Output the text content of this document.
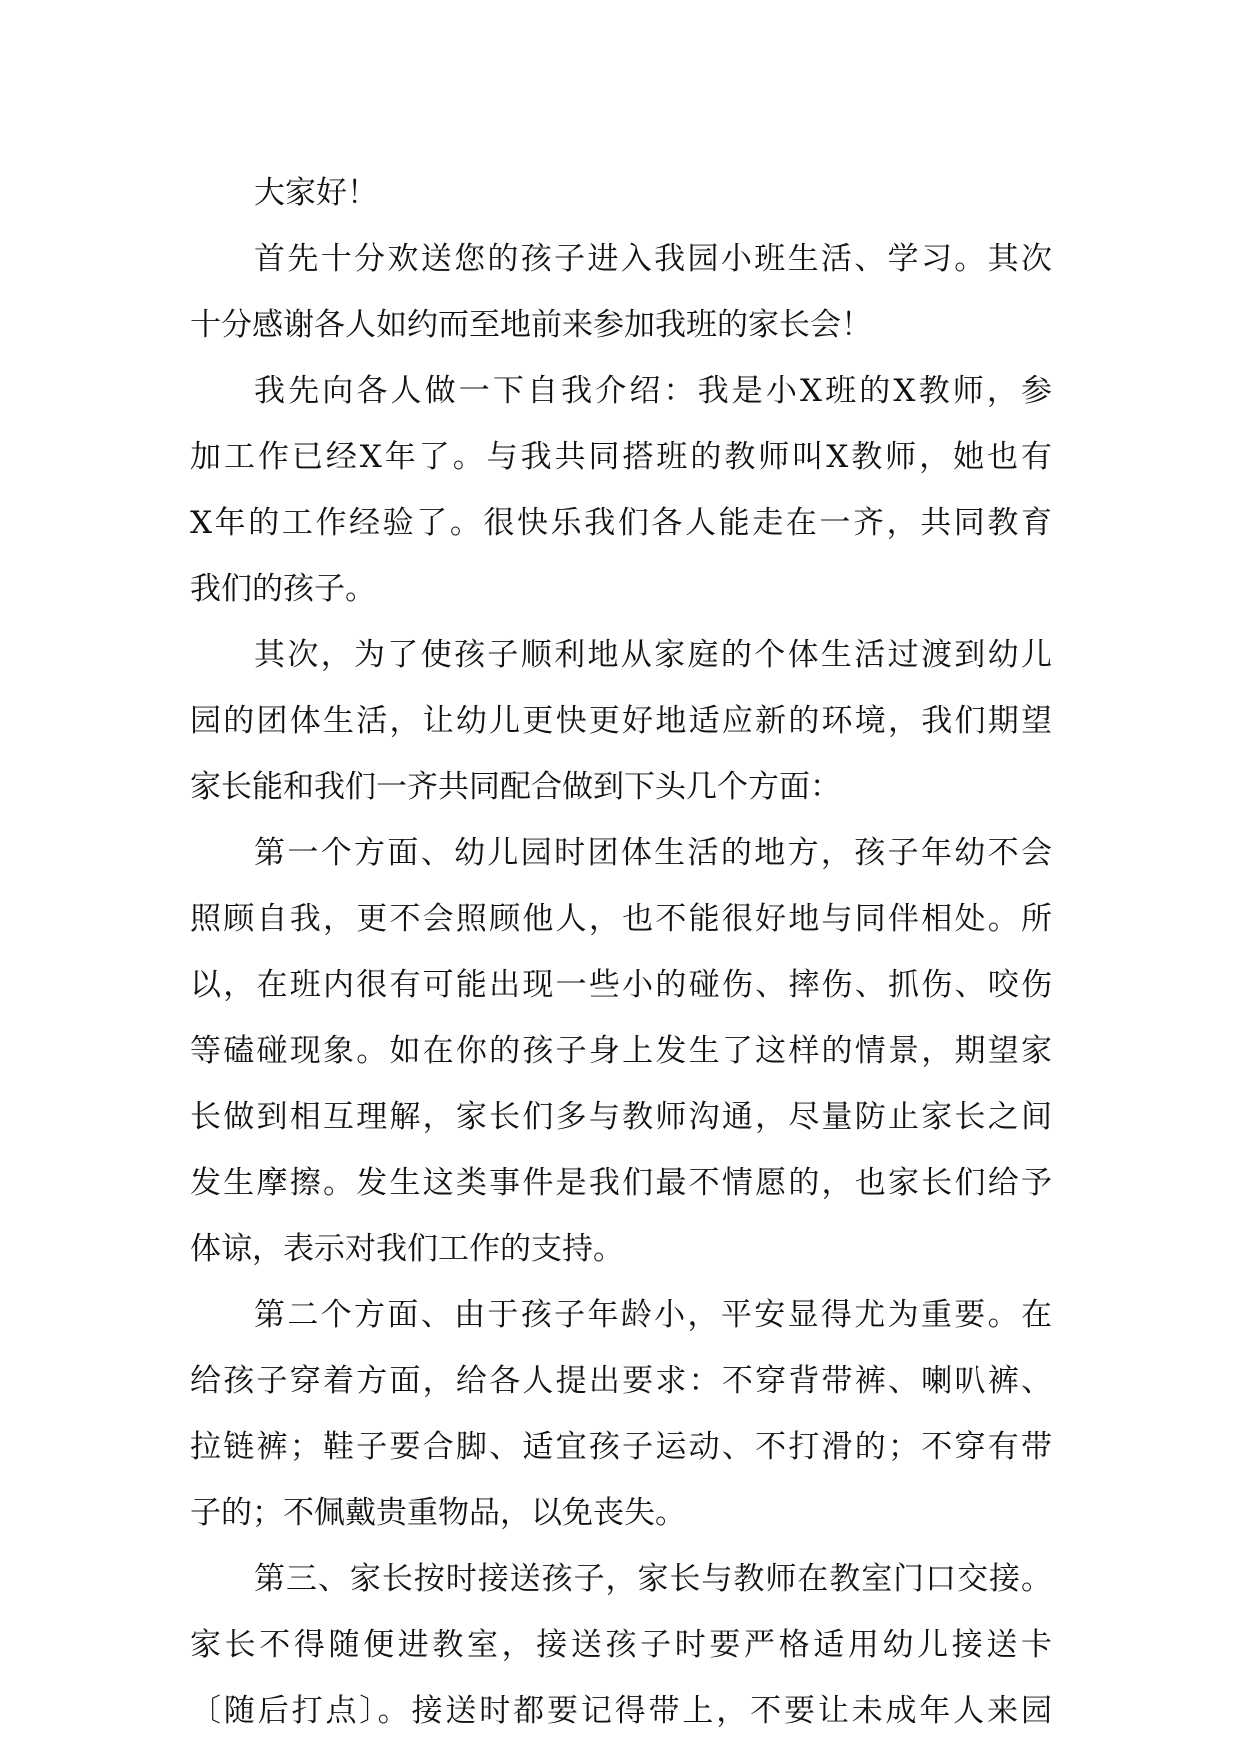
大家好！

首先十分欢送您的孩子进入我园小班生活、学习。其次

十分感谢各人如约而至地前来参加我班的家长会！

我先向各人做一下自我介绍：我是小X班的X教师，参

加工作已经X年了。与我共同搭班的教师叫X教师，她也有

X年的工作经验了。很快乐我们各人能走在一齐，共同教育

我们的孩子。

其次，为了使孩子顺利地从家庭的个体生活过渡到幼儿

园的团体生活，让幼儿更快更好地适应新的环境，我们期望

家长能和我们一齐共同配合做到下头几个方面：

第一个方面、幼儿园时团体生活的地方，孩子年幼不会

照顾自我，更不会照顾他人，也不能很好地与同伴相处。所

以，在班内很有可能出现一些小的碰伤、摔伤、抓伤、咬伤

等磕碰现象。如在你的孩子身上发生了这样的情景，期望家

长做到相互理解，家长们多与教师沟通，尽量防止家长之间

发生摩擦。发生这类事件是我们最不情愿的，也家长们给予

体谅，表示对我们工作的支持。

第二个方面、由于孩子年龄小，平安显得尤为重要。在

给孩子穿着方面，给各人提出要求：不穿背带裤、喇叭裤、

拉链裤；鞋子要合脚、适宜孩子运动、不打滑的；不穿有带

子的；不佩戴贵重物品，以免丧失。

第三、家长按时接送孩子，家长与教师在教室门口交接。

家长不得随便进教室，接送孩子时要严格适用幼儿接送卡

〔随后打点〕。接送时都要记得带上，不要让未成年人来园
